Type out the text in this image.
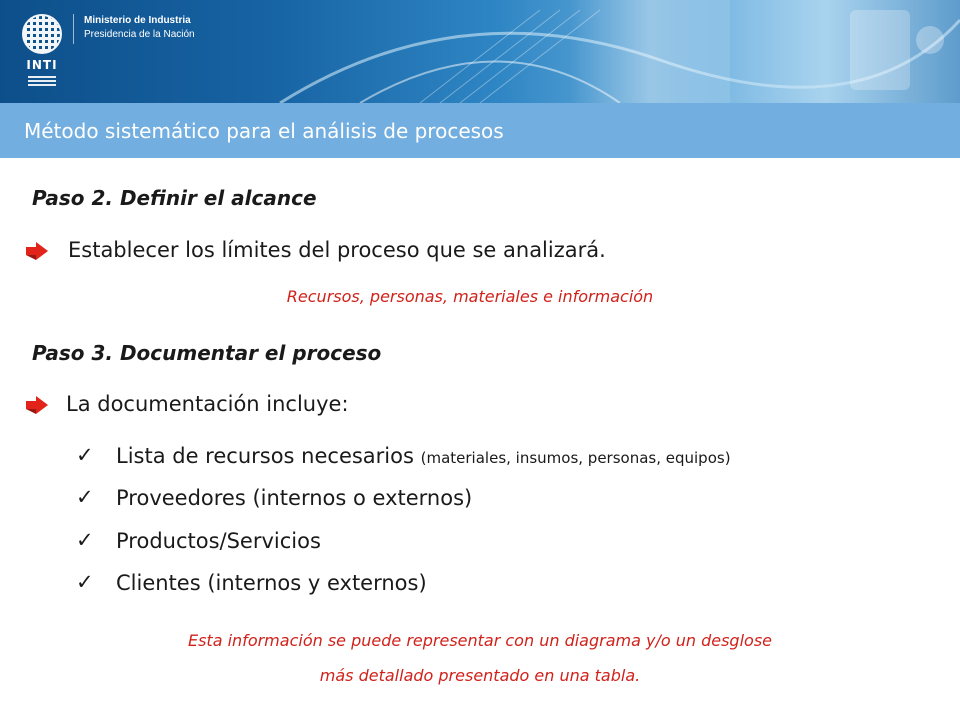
INTI
Ministerio de Industria
Presidencia de la Nación
Método sistemático para el análisis de procesos
Paso 2. Definir el alcance
Establecer los límites del proceso que se analizará.
Recursos, personas, materiales e información
Paso 3. Documentar el proceso
La documentación incluye:
✓ Lista de recursos necesarios (materiales, insumos, personas, equipos)
✓ Proveedores (internos o externos)
✓ Productos/Servicios
✓ Clientes (internos y externos)
Esta información se puede representar con un diagrama y/o un desglose
más detallado presentado en una tabla.
